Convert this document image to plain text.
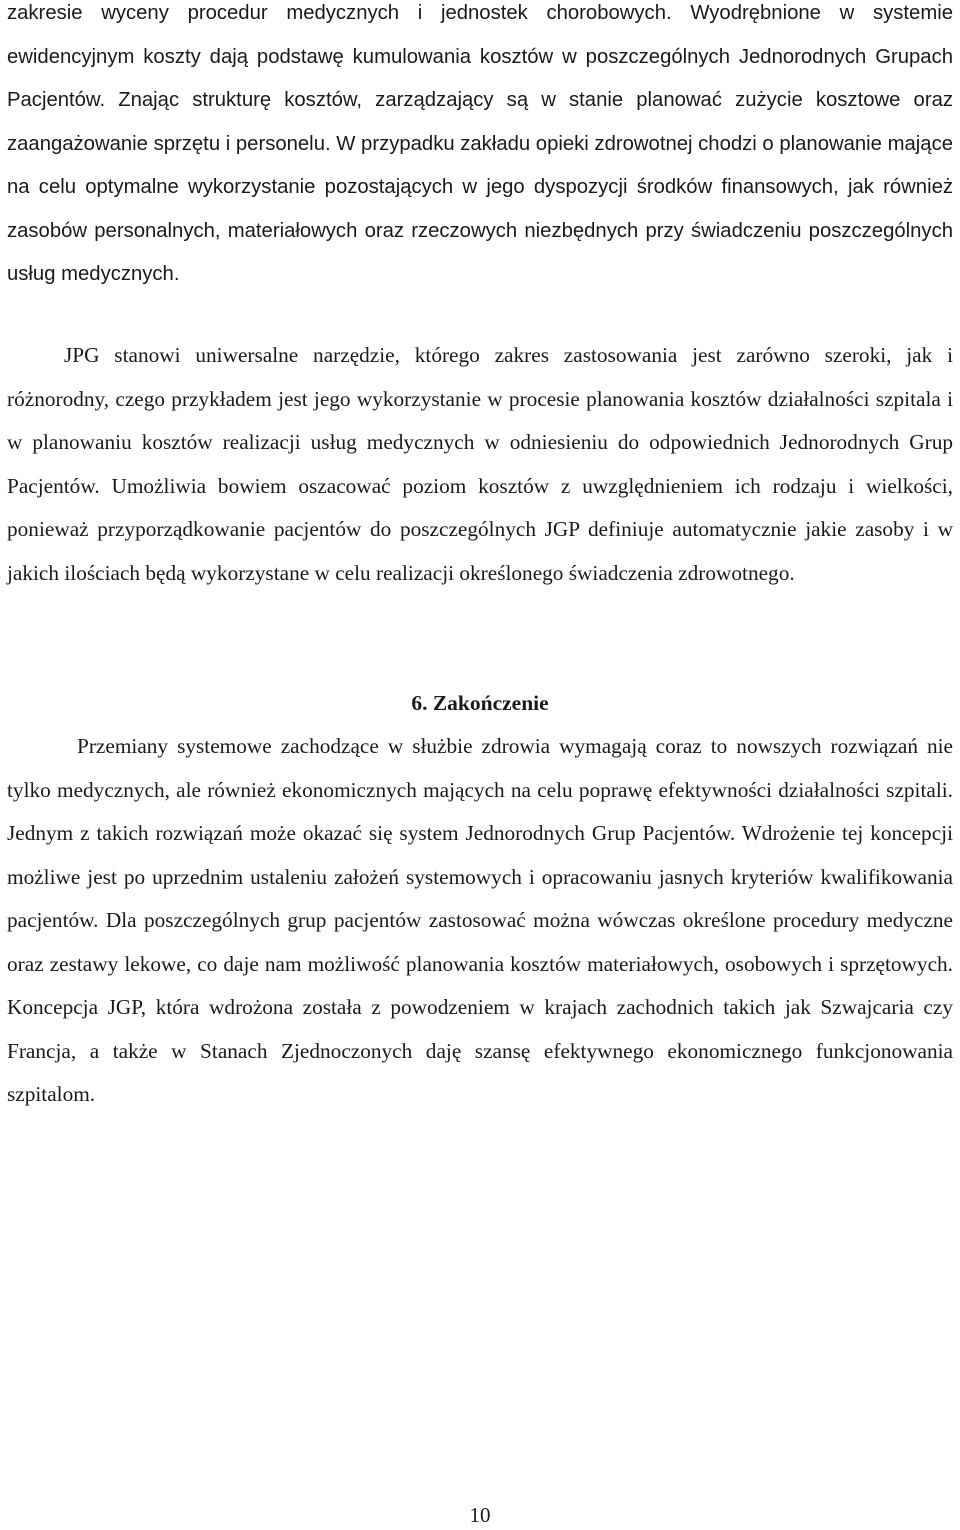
zakresie wyceny procedur medycznych i jednostek chorobowych. Wyodrębnione w systemie ewidencyjnym koszty dają podstawę kumulowania kosztów w poszczególnych Jednorodnych Grupach Pacjentów. Znając strukturę kosztów, zarządzający są w stanie planować zużycie kosztowe oraz zaangażowanie sprzętu i personelu. W przypadku zakładu opieki zdrowotnej chodzi o planowanie mające na celu optymalne wykorzystanie pozostających w jego dyspozycji środków finansowych, jak również zasobów personalnych, materiałowych oraz rzeczowych niezbędnych przy świadczeniu poszczególnych usług medycznych.

JPG stanowi uniwersalne narzędzie, którego zakres zastosowania jest zarówno szeroki, jak i różnorodny, czego przykładem jest jego wykorzystanie w procesie planowania kosztów działalności szpitala i w planowaniu kosztów realizacji usług medycznych w odniesieniu do odpowiednich Jednorodnych Grup Pacjentów. Umożliwia bowiem oszacować poziom kosztów z uwzględnieniem ich rodzaju i wielkości, ponieważ przyporządkowanie pacjentów do poszczególnych JGP definiuje automatycznie jakie zasoby i w jakich ilościach będą wykorzystane w celu realizacji określonego świadczenia zdrowotnego.

6. Zakończenie

Przemiany systemowe zachodzące w służbie zdrowia wymagają coraz to nowszych rozwiązań nie tylko medycznych, ale również ekonomicznych mających na celu poprawę efektywności działalności szpitali. Jednym z takich rozwiązań może okazać się system Jednorodnych Grup Pacjentów. Wdrożenie tej koncepcji możliwe jest po uprzednim ustaleniu założeń systemowych i opracowaniu jasnych kryteriów kwalifikowania pacjentów. Dla poszczególnych grup pacjentów zastosować można wówczas określone procedury medyczne oraz zestawy lekowe, co daje nam możliwość planowania kosztów materiałowych, osobowych i sprzętowych. Koncepcja JGP, która wdrożona została z powodzeniem w krajach zachodnich takich jak Szwajcaria czy Francja, a także w Stanach Zjednoczonych daję szansę efektywnego ekonomicznego funkcjonowania szpitalom.

10
